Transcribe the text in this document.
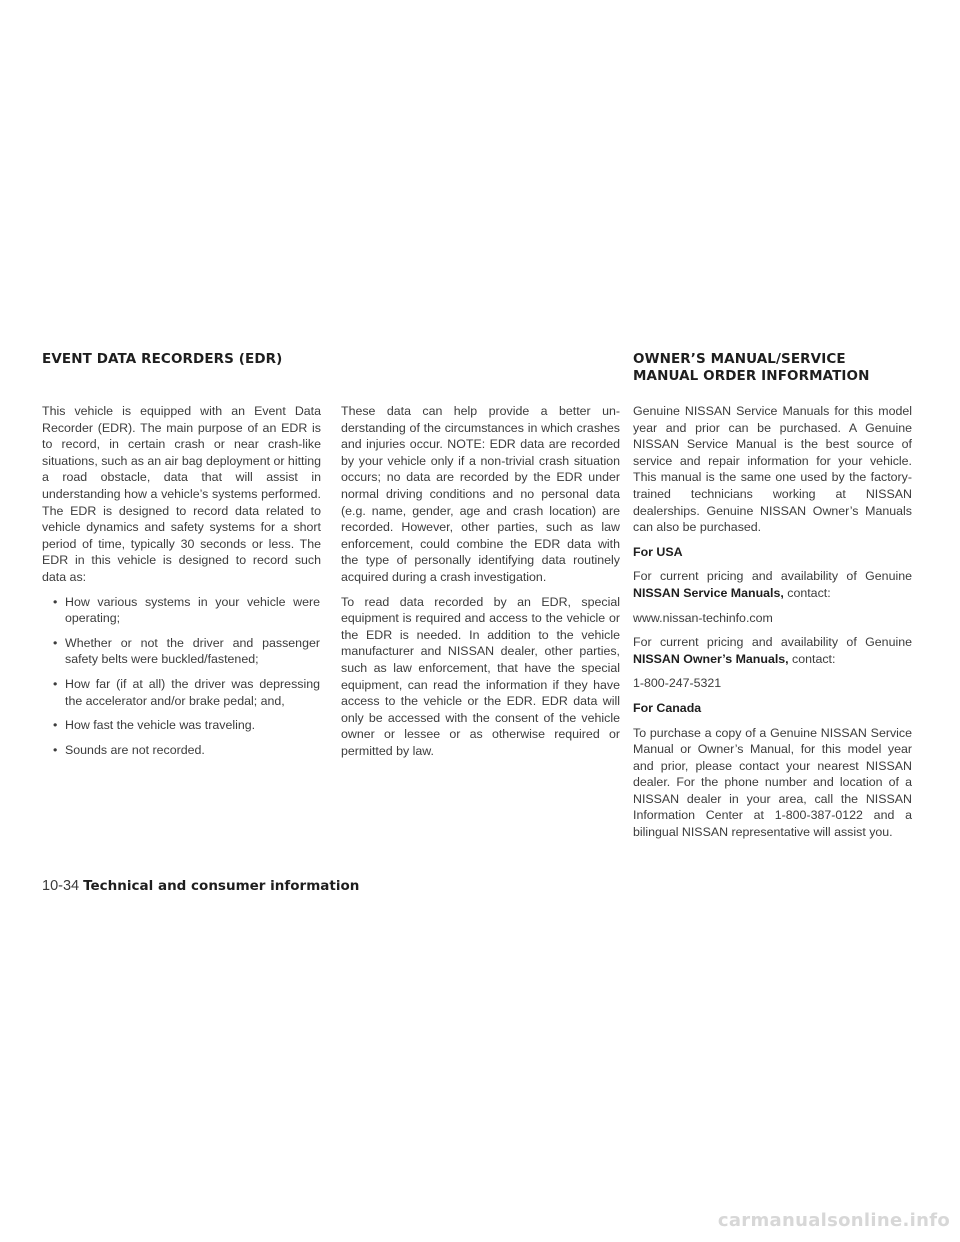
EVENT DATA RECORDERS (EDR)

This vehicle is equipped with an Event Data Recorder (EDR). The main purpose of an EDR is to record, in certain crash or near crash-like situations, such as an air bag deployment or hitting a road obstacle, data that will assist in understanding how a vehicle’s systems performed. The EDR is designed to record data related to vehicle dynamics and safety systems for a short period of time, typically 30 seconds or less. The EDR in this vehicle is designed to record such data as:

• How various systems in your vehicle were operating;
• Whether or not the driver and passenger safety belts were buckled/fastened;
• How far (if at all) the driver was depressing the accelerator and/or brake pedal; and,
• How fast the vehicle was traveling.
• Sounds are not recorded.

These data can help provide a better understanding of the circumstances in which crashes and injuries occur. NOTE: EDR data are recorded by your vehicle only if a non-trivial crash situation occurs; no data are recorded by the EDR under normal driving conditions and no personal data (e.g. name, gender, age and crash location) are recorded. However, other parties, such as law enforcement, could combine the EDR data with the type of personally identifying data routinely acquired during a crash investigation.

To read data recorded by an EDR, special equipment is required and access to the vehicle or the EDR is needed. In addition to the vehicle manufacturer and NISSAN dealer, other parties, such as law enforcement, that have the special equipment, can read the information if they have access to the vehicle or the EDR. EDR data will only be accessed with the consent of the vehicle owner or lessee or as otherwise required or permitted by law.

OWNER’S MANUAL/SERVICE
MANUAL ORDER INFORMATION

Genuine NISSAN Service Manuals for this model year and prior can be purchased. A Genuine NISSAN Service Manual is the best source of service and repair information for your vehicle. This manual is the same one used by the factory-trained technicians working at NISSAN dealerships. Genuine NISSAN Owner’s Manuals can also be purchased.

For USA

For current pricing and availability of Genuine NISSAN Service Manuals, contact:

www.nissan-techinfo.com

For current pricing and availability of Genuine NISSAN Owner’s Manuals, contact:

1-800-247-5321

For Canada

To purchase a copy of a Genuine NISSAN Service Manual or Owner’s Manual, for this model year and prior, please contact your nearest NISSAN dealer. For the phone number and location of a NISSAN dealer in your area, call the NISSAN Information Center at 1-800-387-0122 and a bilingual NISSAN representative will assist you.

10-34 Technical and consumer information
carmanualsonline.info
